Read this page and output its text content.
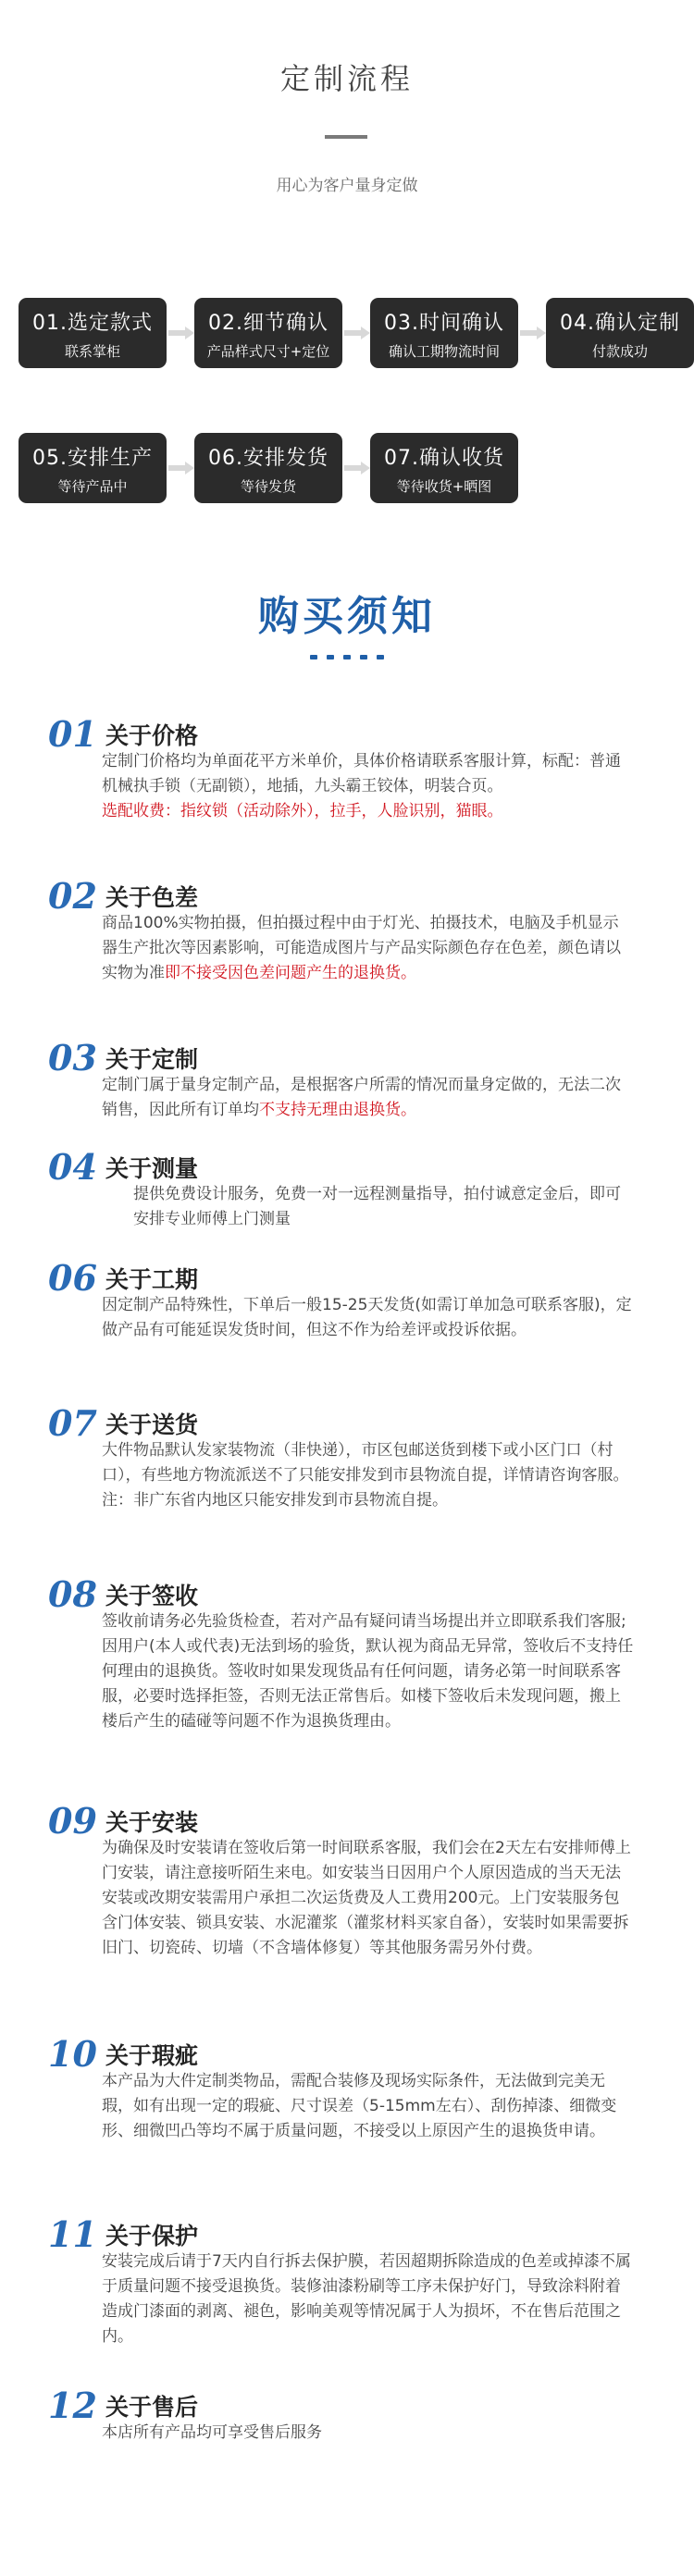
定制流程
用心为客户量身定做
01.选定款式
联系掌柜
02.细节确认
产品样式尺寸+定位
03.时间确认
确认工期物流时间
04.确认定制
付款成功
05.安排生产
等待产品中
06.安排发货
等待发货
07.确认收货
等待收货+晒图
购买须知
01 关于价格
定制门价格均为单面花平方米单价，具体价格请联系客服计算，标配：普通机械执手锁（无副锁），地插，九头霸王铰体，明装合页。
选配收费：指纹锁（活动除外），拉手，人脸识别，猫眼。
02 关于色差
商品100%实物拍摄，但拍摄过程中由于灯光、拍摄技术，电脑及手机显示器生产批次等因素影响，可能造成图片与产品实际颜色存在色差，颜色请以实物为准即不接受因色差问题产生的退换货。
03 关于定制
定制门属于量身定制产品，是根据客户所需的情况而量身定做的，无法二次销售，因此所有订单均不支持无理由退换货。
04 关于测量
提供免费设计服务，免费一对一远程测量指导，拍付诚意定金后，即可安排专业师傅上门测量
06 关于工期
因定制产品特殊性，下单后一般15-25天发货(如需订单加急可联系客服)，定做产品有可能延误发货时间，但这不作为给差评或投诉依据。
07 关于送货
大件物品默认发家装物流（非快递），市区包邮送货到楼下或小区门口（村口），有些地方物流派送不了只能安排发到市县物流自提，详情请咨询客服。注：非广东省内地区只能安排发到市县物流自提。
08 关于签收
签收前请务必先验货检查，若对产品有疑问请当场提出并立即联系我们客服;因用户(本人或代表)无法到场的验货，默认视为商品无异常，签收后不支持任何理由的退换货。签收时如果发现货品有任何问题，请务必第一时间联系客服，必要时选择拒签，否则无法正常售后。如楼下签收后未发现问题，搬上楼后产生的磕碰等问题不作为退换货理由。
09 关于安装
为确保及时安装请在签收后第一时间联系客服，我们会在2天左右安排师傅上门安装，请注意接听陌生来电。如安装当日因用户个人原因造成的当天无法安装或改期安装需用户承担二次运货费及人工费用200元。上门安装服务包含门体安装、锁具安装、水泥灌浆（灌浆材料买家自备），安装时如果需要拆旧门、切瓷砖、切墙（不含墙体修复）等其他服务需另外付费。
10 关于瑕疵
本产品为大件定制类物品，需配合装修及现场实际条件，无法做到完美无瑕，如有出现一定的瑕疵、尺寸误差（5-15mm左右）、刮伤掉漆、细微变形、细微凹凸等均不属于质量问题，不接受以上原因产生的退换货申请。
11 关于保护
安装完成后请于7天内自行拆去保护膜，若因超期拆除造成的色差或掉漆不属于质量问题不接受退换货。装修油漆粉刷等工序未保护好门，导致涂料附着造成门漆面的剥离、褪色，影响美观等情况属于人为损坏，不在售后范围之内。
12 关于售后
本店所有产品均可享受售后服务
